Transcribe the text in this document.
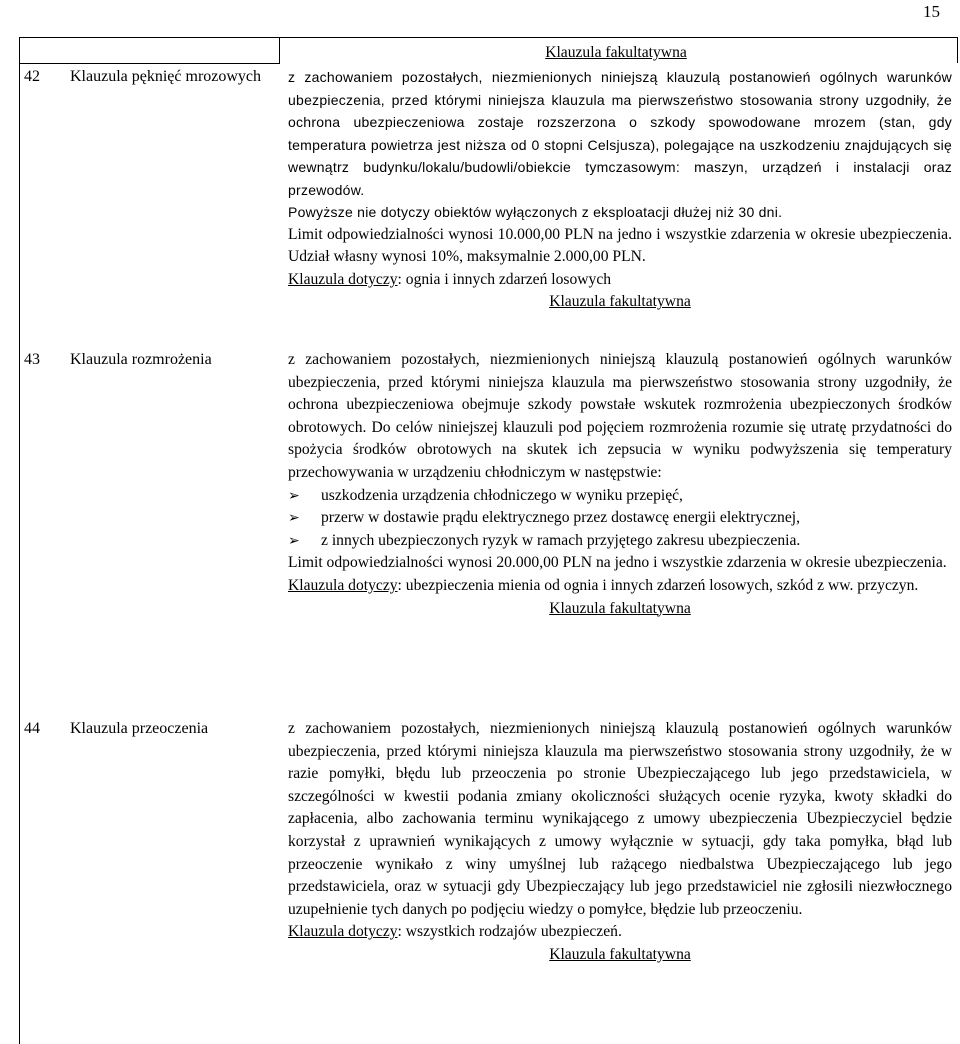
15
Klauzula fakultatywna
42 Klauzula pęknięć mrozowych	z zachowaniem pozostałych, niezmienionych niniejszą klauzulą postanowień ogólnych warunków ubezpieczenia, przed którymi niniejsza klauzula ma pierwszeństwo stosowania strony uzgodniły, że ochrona ubezpieczeniowa zostaje rozszerzona o szkody spowodowane mrozem (stan, gdy temperatura powietrza jest niższa od 0 stopni Celsjusza), polegające na uszkodzeniu znajdujących się wewnątrz budynku/lokalu/budowli/obiekcie tymczasowym: maszyn, urządzeń i instalacji oraz przewodów.

Powyższe nie dotyczy obiektów wyłączonych z eksploatacji dłużej niż 30 dni.

Limit odpowiedzialności wynosi 10.000,00 PLN na jedno i wszystkie zdarzenia w okresie ubezpieczenia. Udział własny wynosi 10%, maksymalnie 2.000,00 PLN.

Klauzula dotyczy: ognia i innych zdarzeń losowych

Klauzula fakultatywna
43 Klauzula rozmrożenia	z zachowaniem pozostałych, niezmienionych niniejszą klauzulą postanowień ogólnych warunków ubezpieczenia, przed którymi niniejsza klauzula ma pierwszeństwo stosowania strony uzgodniły, że ochrona ubezpieczeniowa obejmuje szkody powstałe wskutek rozmrożenia ubezpieczonych środków obrotowych. Do celów niniejszej klauzuli pod pojęciem rozmrożenia rozumie się utratę przydatności do spożycia środków obrotowych na skutek ich zepsucia w wyniku podwyższenia się temperatury przechowywania w urządzeniu chłodniczym w następstwie:

➢ uszkodzenia urządzenia chłodniczego w wyniku przepięć,
➢ przerw w dostawie prądu elektrycznego przez dostawcę energii elektrycznej,
➢ z innych ubezpieczonych ryzyk w ramach przyjętego zakresu ubezpieczenia.

Limit odpowiedzialności wynosi 20.000,00 PLN na jedno i wszystkie zdarzenia w okresie ubezpieczenia.

Klauzula dotyczy: ubezpieczenia mienia od ognia i innych zdarzeń losowych, szkód z ww. przyczyn.

Klauzula fakultatywna
44 Klauzula przeoczenia	z zachowaniem pozostałych, niezmienionych niniejszą klauzulą postanowień ogólnych warunków ubezpieczenia, przed którymi niniejsza klauzula ma pierwszeństwo stosowania strony uzgodniły, że w razie pomyłki, błędu lub przeoczenia po stronie Ubezpieczającego lub jego przedstawiciela, w szczególności w kwestii podania zmiany okoliczności służących ocenie ryzyka, kwoty składki do zapłacenia, albo zachowania terminu wynikającego z umowy ubezpieczenia Ubezpieczyciel będzie korzystał z uprawnień wynikających z umowy wyłącznie w sytuacji, gdy taka pomyłka, błąd lub przeoczenie wynikało z winy umyślnej lub rażącego niedbalstwa Ubezpieczającego lub jego przedstawiciela, oraz w sytuacji gdy Ubezpieczający lub jego przedstawiciel nie zgłosili niezwłocznego uzupełnienie tych danych po podjęciu wiedzy o pomyłce, błędzie lub przeoczeniu.

Klauzula dotyczy: wszystkich rodzajów ubezpieczeń.

Klauzula fakultatywna
